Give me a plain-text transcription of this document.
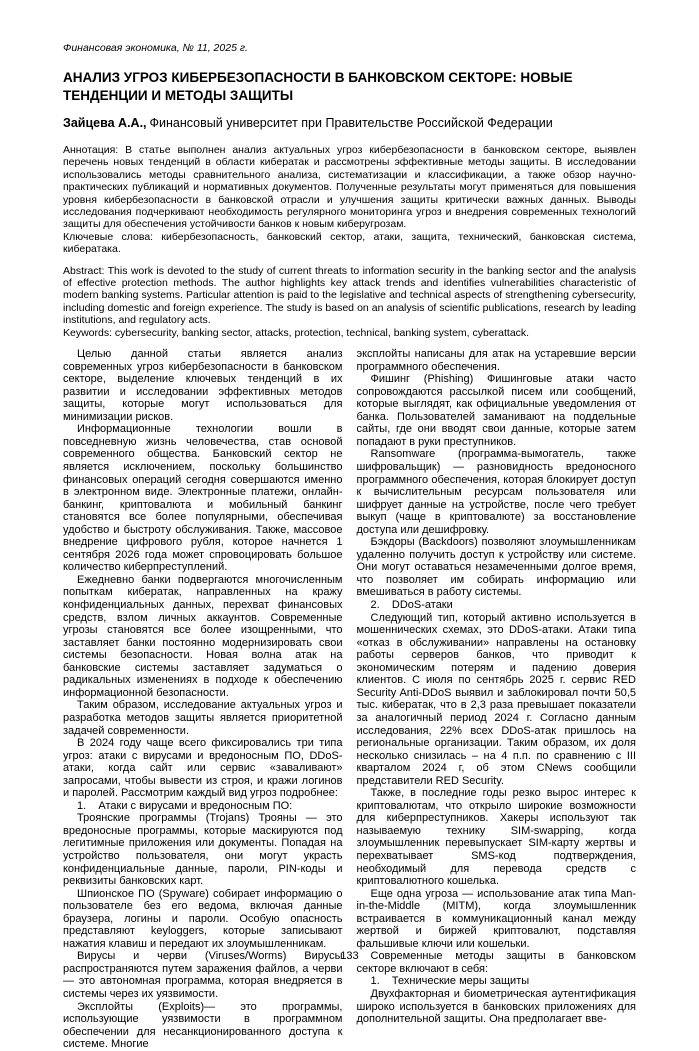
Финансовая экономика, № 11, 2025 г.
АНАЛИЗ УГРОЗ КИБЕРБЕЗОПАСНОСТИ В БАНКОВСКОМ СЕКТОРЕ: НОВЫЕ ТЕНДЕНЦИИ И МЕТОДЫ ЗАЩИТЫ
Зайцева А.А., Финансовый университет при Правительстве Российской Федерации

Аннотация: В статье выполнен анализ актуальных угроз кибербезопасности в банковском секторе, выявлен перечень новых тенденций в области кибератак и рассмотрены эффективные методы защиты. В исследовании использовались методы сравнительного анализа, систематизации и классификации, а также обзор научно-практических публикаций и нормативных документов. Полученные результаты могут применяться для повышения уровня кибербезопасности в банковской отрасли и улучшения защиты критически важных данных. Выводы исследования подчеркивают необходимость регулярного мониторинга угроз и внедрения современных технологий защиты для обеспечения устойчивости банков к новым киберугрозам.

Ключевые слова: кибербезопасность, банковский сектор, атаки, защита, технический, банковская система, кибератака.

Abstract: This work is devoted to the study of current threats to information security in the banking sector and the analysis of effective protection methods. The author highlights key attack trends and identifies vulnerabilities characteristic of modern banking systems. Particular attention is paid to the legislative and technical aspects of strengthening cybersecurity, including domestic and foreign experience. The study is based on an analysis of scientific publications, research by leading institutions, and regulatory acts.

Keywords: cybersecurity, banking sector, attacks, protection, technical, banking system, cyberattack.

Целью данной статьи является анализ современных угроз кибербезопасности в банковском секторе, выделение ключевых тенденций в их развитии и исследовании эффективных методов защиты, которые могут использоваться для минимизации рисков.

Информационные технологии вошли в повседневную жизнь человечества, став основой современного общества. Банковский сектор не является исключением, поскольку большинство финансовых операций сегодня совершаются именно в электронном виде. Электронные платежи, онлайн-банкинг, криптовалюта и мобильный банкинг становятся все более популярными, обеспечивая удобство и быстроту обслуживания. Также, массовое внедрение цифрового рубля, которое начнется 1 сентября 2026 года может спровоцировать большое количество киберпреступлений.

Ежедневно банки подвергаются многочисленным попыткам кибератак, направленных на кражу конфиденциальных данных, перехват финансовых средств, взлом личных аккаунтов. Современные угрозы становятся все более изощренными, что заставляет банки постоянно модернизировать свои системы безопасности. Новая волна атак на банковские системы заставляет задуматься о радикальных изменениях в подходе к обеспечению информационной безопасности.

Таким образом, исследование актуальных угроз и разработка методов защиты является приоритетной задачей современности.

В 2024 году чаще всего фиксировались три типа угроз: атаки с вирусами и вредоносным ПО, DDoS-атаки, когда сайт или сервис «заваливают» запросами, чтобы вывести из строя, и кражи логинов и паролей. Рассмотрим каждый вид угроз подробнее:

1.    Атаки с вирусами и вредоносным ПО:

Троянские программы (Trojans) Трояны — это вредоносные программы, которые маскируются под легитимные приложения или документы. Попадая на устройство пользователя, они могут украсть конфиденциальные данные, пароли, PIN-коды и реквизиты банковских карт.

Шпионское ПО (Spyware) собирает информацию о пользователе без его ведома, включая данные браузера, логины и пароли. Особую опасность представляют keyloggers, которые записывают нажатия клавиш и передают их злоумышленникам.

Вирусы и черви (Viruses/Worms) Вирусы распространяются путем заражения файлов, а черви — это автономная программа, которая внедряется в системы через их уязвимости.

Эксплойты (Exploits)— это программы, использующие уязвимости в программном обеспечении для несанкционированного доступа к системе. Многие

эксплойты написаны для атак на устаревшие версии программного обеспечения.

Фишинг (Phishing) Фишинговые атаки часто сопровождаются рассылкой писем или сообщений, которые выглядят, как официальные уведомления от банка. Пользователей заманивают на поддельные сайты, где они вводят свои данные, которые затем попадают в руки преступников.

Ransomware (программа-вымогатель, также шифровальщик) — разновидность вредоносного программного обеспечения, которая блокирует доступ к вычислительным ресурсам пользователя или шифрует данные на устройстве, после чего требует выкуп (чаще в криптовалюте) за восстановление доступа или дешифровку.

Бэкдоры (Backdoors) позволяют злоумышленникам удаленно получить доступ к устройству или системе. Они могут оставаться незамеченными долгое время, что позволяет им собирать информацию или вмешиваться в работу системы.

2.    DDoS-атаки

Следующий тип, который активно используется в мошеннических схемах, это DDoS-атаки. Атаки типа «отказ в обслуживании» направлены на остановку работы серверов банков, что приводит к экономическим потерям и падению доверия клиентов. С июля по сентябрь 2025 г. сервис RED Security Anti-DDoS выявил и заблокировал почти 50,5 тыс. кибератак, что в 2,3 раза превышает показатели за аналогичный период 2024 г. Согласно данным исследования, 22% всех DDoS-атак пришлось на региональные организации. Таким образом, их доля несколько снизилась – на 4 п.п. по сравнению с III кварталом 2024 г, об этом CNews сообщили представители RED Security.

Также, в последние годы резко вырос интерес к криптовалютам, что открыло широкие возможности для киберпреступников. Хакеры используют так называемую технику SIM-swapping, когда злоумышленник перевыпускает SIM-карту жертвы и перехватывает SMS-код подтверждения, необходимый для перевода средств с криптовалютного кошелька.

Еще одна угроза — использование атак типа Man-in-the-Middle (MITM), когда злоумышленник встраивается в коммуникационный канал между жертвой и биржей криптовалют, подставляя фальшивые ключи или кошельки.

Современные методы защиты в банковском секторе включают в себя:

1.    Технические меры защиты

Двухфакторная и биометрическая аутентификация широко используется в банковских приложениях для дополнительной защиты. Она предполагает вве-

133
